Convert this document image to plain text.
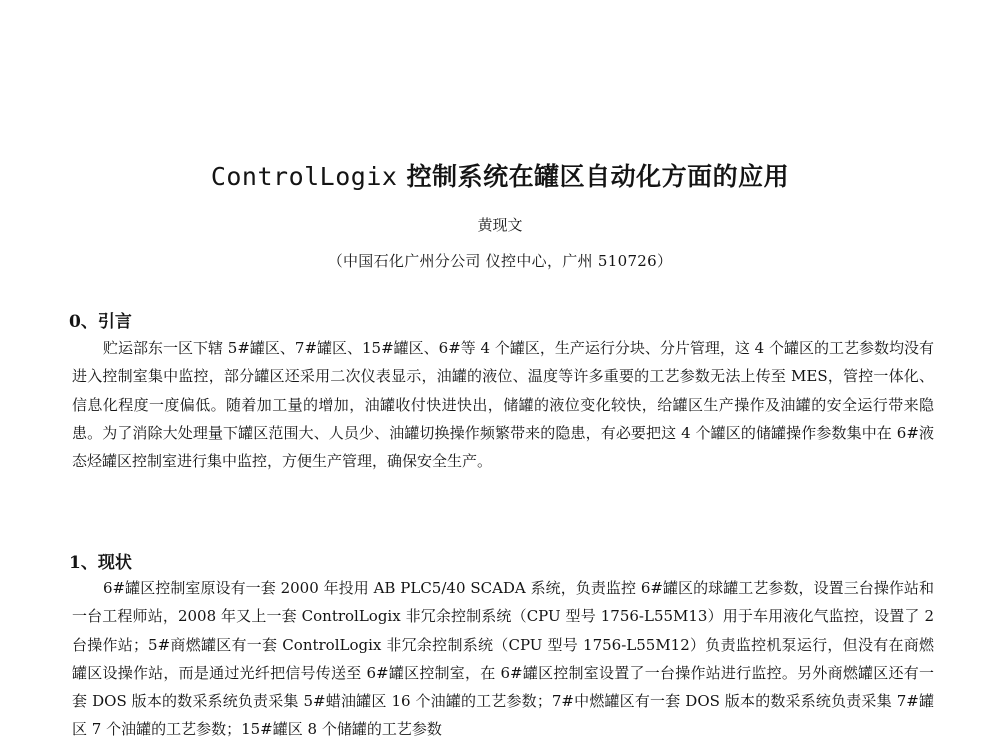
ControlLogix 控制系统在罐区自动化方面的应用
黄现文
（中国石化广州分公司 仪控中心，广州 510726）
0、引言

贮运部东一区下辖 5#罐区、7#罐区、15#罐区、6#等 4 个罐区，生产运行分块、分片管理，这 4 个罐区的工艺参数均没有进入控制室集中监控，部分罐区还采用二次仪表显示，油罐的液位、温度等许多重要的工艺参数无法上传至 MES，管控一体化、信息化程度一度偏低。随着加工量的增加，油罐收付快进快出，储罐的液位变化较快，给罐区生产操作及油罐的安全运行带来隐患。为了消除大处理量下罐区范围大、人员少、油罐切换操作频繁带来的隐患，有必要把这 4 个罐区的储罐操作参数集中在 6#液态烃罐区控制室进行集中监控，方便生产管理，确保安全生产。

1、现状

6#罐区控制室原设有一套 2000 年投用 AB PLC5/40 SCADA 系统，负责监控 6#罐区的球罐工艺参数，设置三台操作站和一台工程师站，2008 年又上一套 ControlLogix 非冗余控制系统（CPU 型号 1756-L55M13）用于车用液化气监控，设置了 2 台操作站；5#商燃罐区有一套 ControlLogix 非冗余控制系统（CPU 型号 1756-L55M12）负责监控机泵运行，但没有在商燃罐区设操作站，而是通过光纤把信号传送至 6#罐区控制室，在 6#罐区控制室设置了一台操作站进行监控。另外商燃罐区还有一套 DOS 版本的数采系统负责采集 5#蜡油罐区 16 个油罐的工艺参数；7#中燃罐区有一套 DOS 版本的数采系统负责采集 7#罐区 7 个油罐的工艺参数；15#罐区 8 个储罐的工艺参数
